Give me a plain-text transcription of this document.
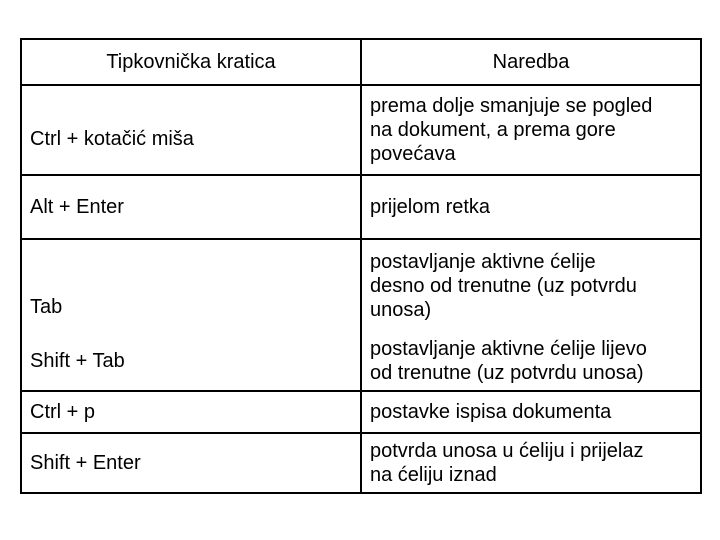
Tipkovnička kratica	Naredba
Ctrl + kotačić miša	prema dolje smanjuje se pogled
na dokument, a prema gore
povećava

Alt + Enter	prijelom retka

Tab	postavljanje aktivne ćelije
desno od trenutne (uz potvrdu
unosa)

Shift + Tab	postavljanje aktivne ćelije lijevo
od trenutne (uz potvrdu unosa)

Ctrl + p	postavke ispisa dokumenta

Shift + Enter	potvrda unosa u ćeliju i prijelaz
na ćeliju iznad
